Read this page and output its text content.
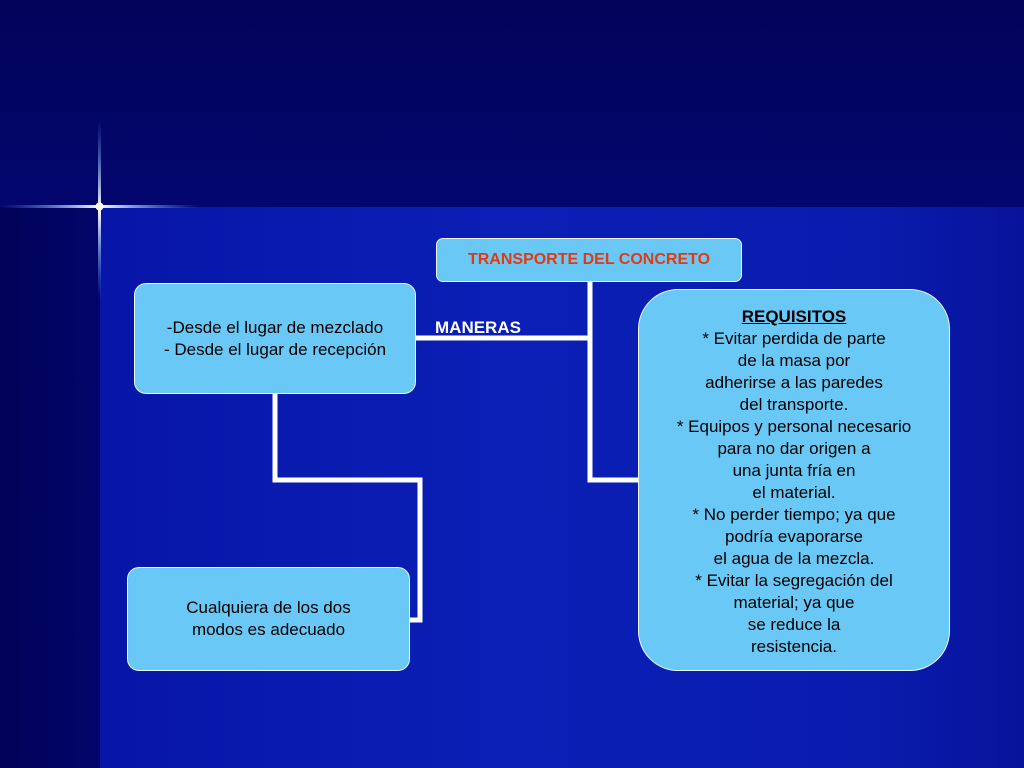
TRANSPORTE DEL CONCRETO
MANERAS
-Desde el lugar de mezclado
- Desde el lugar de recepción
Cualquiera de los dos
modos es adecuado
REQUISITOS
* Evitar perdida de parte
de la masa por
adherirse a las paredes
del transporte.
* Equipos y personal necesario
para no dar origen a
una junta fría en
el material.
* No perder tiempo; ya que
podría evaporarse
el agua de la mezcla.
* Evitar la segregación del
material; ya que
se reduce la
resistencia.
